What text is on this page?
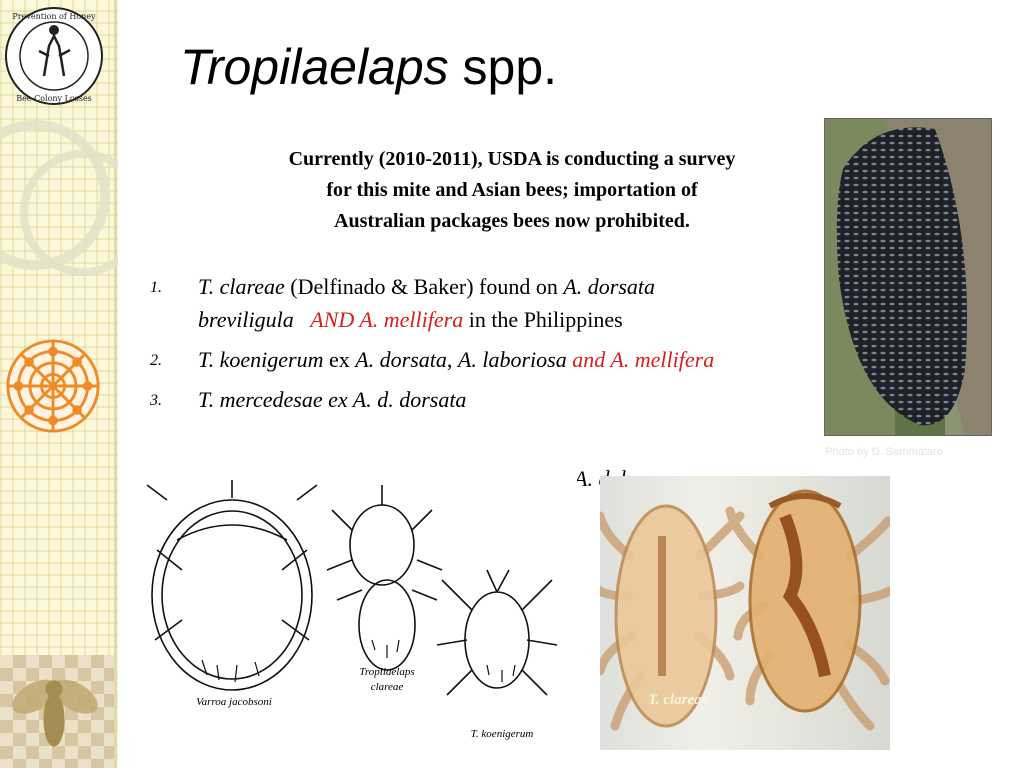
Prevention of Honey
Bee Colony Losses
Tropilaelaps spp.
Currently (2010-2011), USDA is conducting a survey
for this mite and Asian bees; importation of
Australian packages bees now prohibited.
1. T. clareae (Delfinado & Baker) found on A. dorsata breviligula AND A. mellifera in the Philippines
2. T. koenigerum ex A. dorsata, A. laboriosa and A. mellifera
3. T. mercedesae ex A. d. dorsata
A.
Photo by D. Sammataro
Varroa jacobsoni
Tropilaelaps
clareae
T. koenigerum
T. clareae
